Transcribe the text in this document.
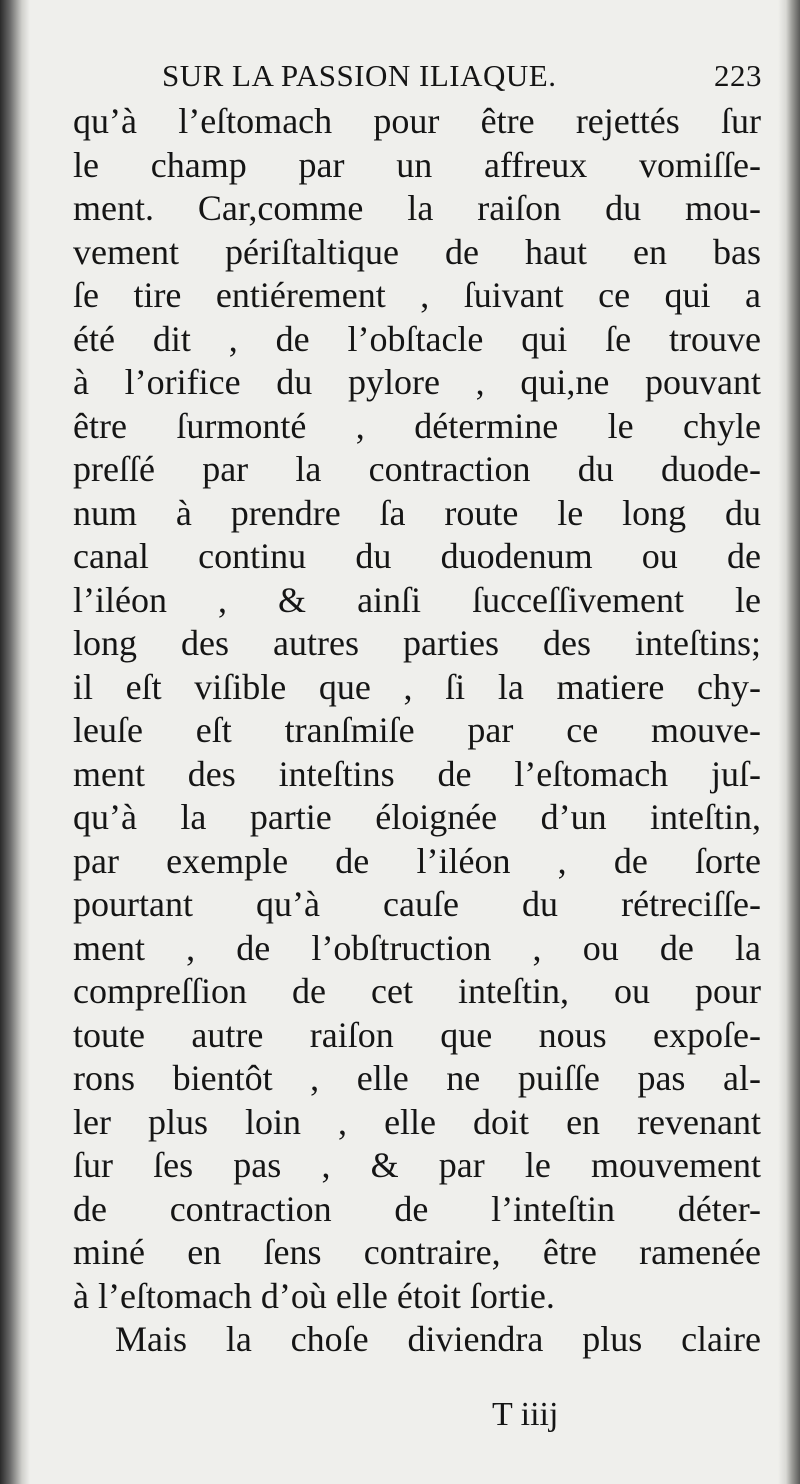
SUR LA PASSION ILIAQUE.	223
qu’à l’eſtomach pour être rejettés ſur
le champ par un affreux vomiſſe-
ment. Car,comme la raiſon du mou-
vement périſtaltique de haut en bas
ſe tire entiérement , ſuivant ce qui a
été dit , de l’obſtacle qui ſe trouve
à l’orifice du pylore , qui,ne pouvant
être ſurmonté , détermine le chyle
preſſé par la contraction du duode-
num à prendre ſa route le long du
canal continu du duodenum ou de
l’iléon , & ainſi ſucceſſivement le
long des autres parties des inteſtins;
il eſt viſible que , ſi la matiere chy-
leuſe eſt tranſmiſe par ce mouve-
ment des inteſtins de l’eſtomach juſ-
qu’à la partie éloignée d’un inteſtin,
par exemple de l’iléon , de ſorte
pourtant qu’à cauſe du rétreciſſe-
ment , de l’obſtruction , ou de la
compreſſion de cet inteſtin, ou pour
toute autre raiſon que nous expoſe-
rons bientôt , elle ne puiſſe pas al-
ler plus loin , elle doit en revenant
ſur ſes pas , & par le mouvement
de contraction de l’inteſtin déter-
miné en ſens contraire, être ramenée
à l’eſtomach d’où elle étoit ſortie.
Mais la choſe diviendra plus claire
T iiij
